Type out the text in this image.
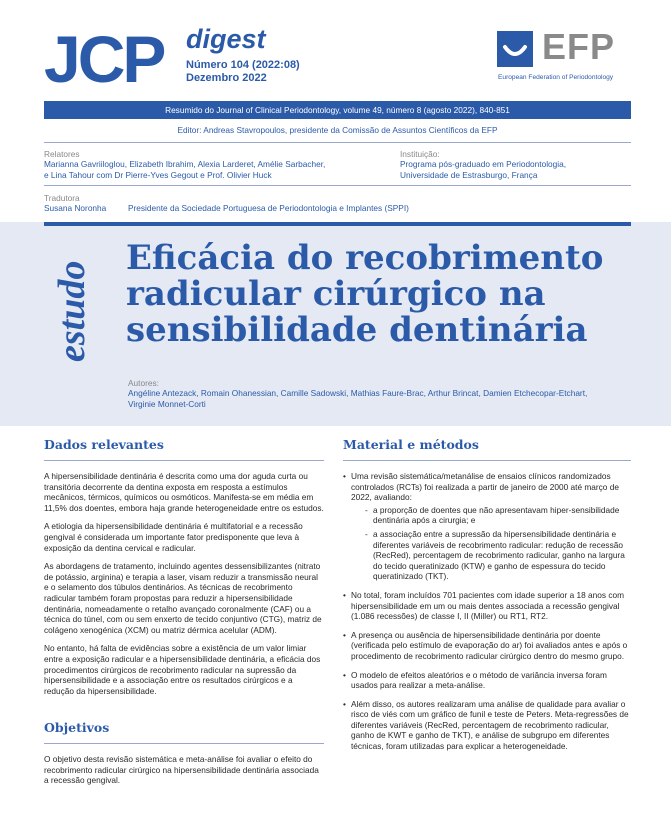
JCP digest
Número 104 (2022:08)
Dezembro 2022
EFP
European Federation of Periodontology
Resumido do Journal of Clinical Periodontology, volume 49, número 8 (agosto 2022), 840-851
Editor: Andreas Stavropoulos, presidente da Comissão de Assuntos Científicos da EFP
Relatores
Marianna Gavriiloglou, Elizabeth Ibrahim, Alexia Larderet, Amélie Sarbacher,
e Lina Tahour com Dr Pierre-Yves Gegout e Prof. Olivier Huck
Instituição:
Programa pós-graduado em Periodontologia,
Universidade de Estrasburgo, França
Tradutora
Susana Noronha	Presidente da Sociedade Portuguesa de Periodontologia e Implantes (SPPI)
estudo
Eficácia do recobrimento
radicular cirúrgico na
sensibilidade dentinária
Autores:
Angéline Antezack, Romain Ohanessian, Camille Sadowski, Mathias Faure-Brac, Arthur Brincat, Damien Etchecopar-Etchart,
Virginie Monnet-Corti
Dados relevantes

A hipersensibilidade dentinária é descrita como uma dor aguda curta ou transitória decorrente da dentina exposta em resposta a estímulos mecânicos, térmicos, químicos ou osmóticos. Manifesta-se em média em 11,5% dos doentes, embora haja grande heterogeneidade entre os estudos.

A etiologia da hipersensibilidade dentinária é multifatorial e a recessão gengival é considerada um importante fator predisponente que leva à exposição da dentina cervical e radicular.

As abordagens de tratamento, incluindo agentes dessensibilizantes (nitrato de potássio, arginina) e terapia a laser, visam reduzir a transmissão neural e o selamento dos túbulos dentinários. As técnicas de recobrimento radicular também foram propostas para reduzir a hipersensibilidade dentinária, nomeadamente o retalho avançado coronalmente (CAF) ou a técnica do túnel, com ou sem enxerto de tecido conjuntivo (CTG), matriz de colágeno xenogénica (XCM) ou matriz dérmica acelular (ADM).

No entanto, há falta de evidências sobre a existência de um valor limiar entre a exposição radicular e a hipersensibilidade dentinária, a eficácia dos procedimentos cirúrgicos de recobrimento radicular na supressão da hipersensibilidade e a associação entre os resultados cirúrgicos e a redução da hipersensibilidade.

Objetivos

O objetivo desta revisão sistemática e meta-análise foi avaliar o efeito do recobrimento radicular cirúrgico na hipersensibilidade dentinária associada a recessão gengival.

Material e métodos
• Uma revisão sistemática/metanálise de ensaios clínicos randomizados controlados (RCTs) foi realizada a partir de janeiro de 2000 até março de 2022, avaliando:
- a proporção de doentes que não apresentavam hiper-sensibilidade dentinária após a cirurgia; e
- a associação entre a supressão da hipersensibilidade dentinária e diferentes variáveis de recobrimento radicular: redução de recessão (RecRed), percentagem de recobrimento radicular, ganho na largura do tecido queratinizado (KTW) e ganho de espessura do tecido queratinizado (TKT).
• No total, foram incluídos 701 pacientes com idade superior a 18 anos com hipersensibilidade em um ou mais dentes associada a recessão gengival (1.086 recessões) de classe I, II (Miller) ou RT1, RT2.
• A presença ou ausência de hipersensibilidade dentinária por doente (verificada pelo estímulo de evaporação do ar) foi avaliados antes e após o procedimento de recobrimento radicular cirúrgico dentro do mesmo grupo.
• O modelo de efeitos aleatórios e o método de variância inversa foram usados para realizar a meta-análise.
• Além disso, os autores realizaram uma análise de qualidade para avaliar o risco de viés com um gráfico de funil e teste de Peters. Meta-regressões de diferentes variáveis (RecRed, percentagem de recobrimento radicular, ganho de KWT e ganho de TKT), e análise de subgrupo em diferentes técnicas, foram utilizadas para explicar a heterogeneidade.
